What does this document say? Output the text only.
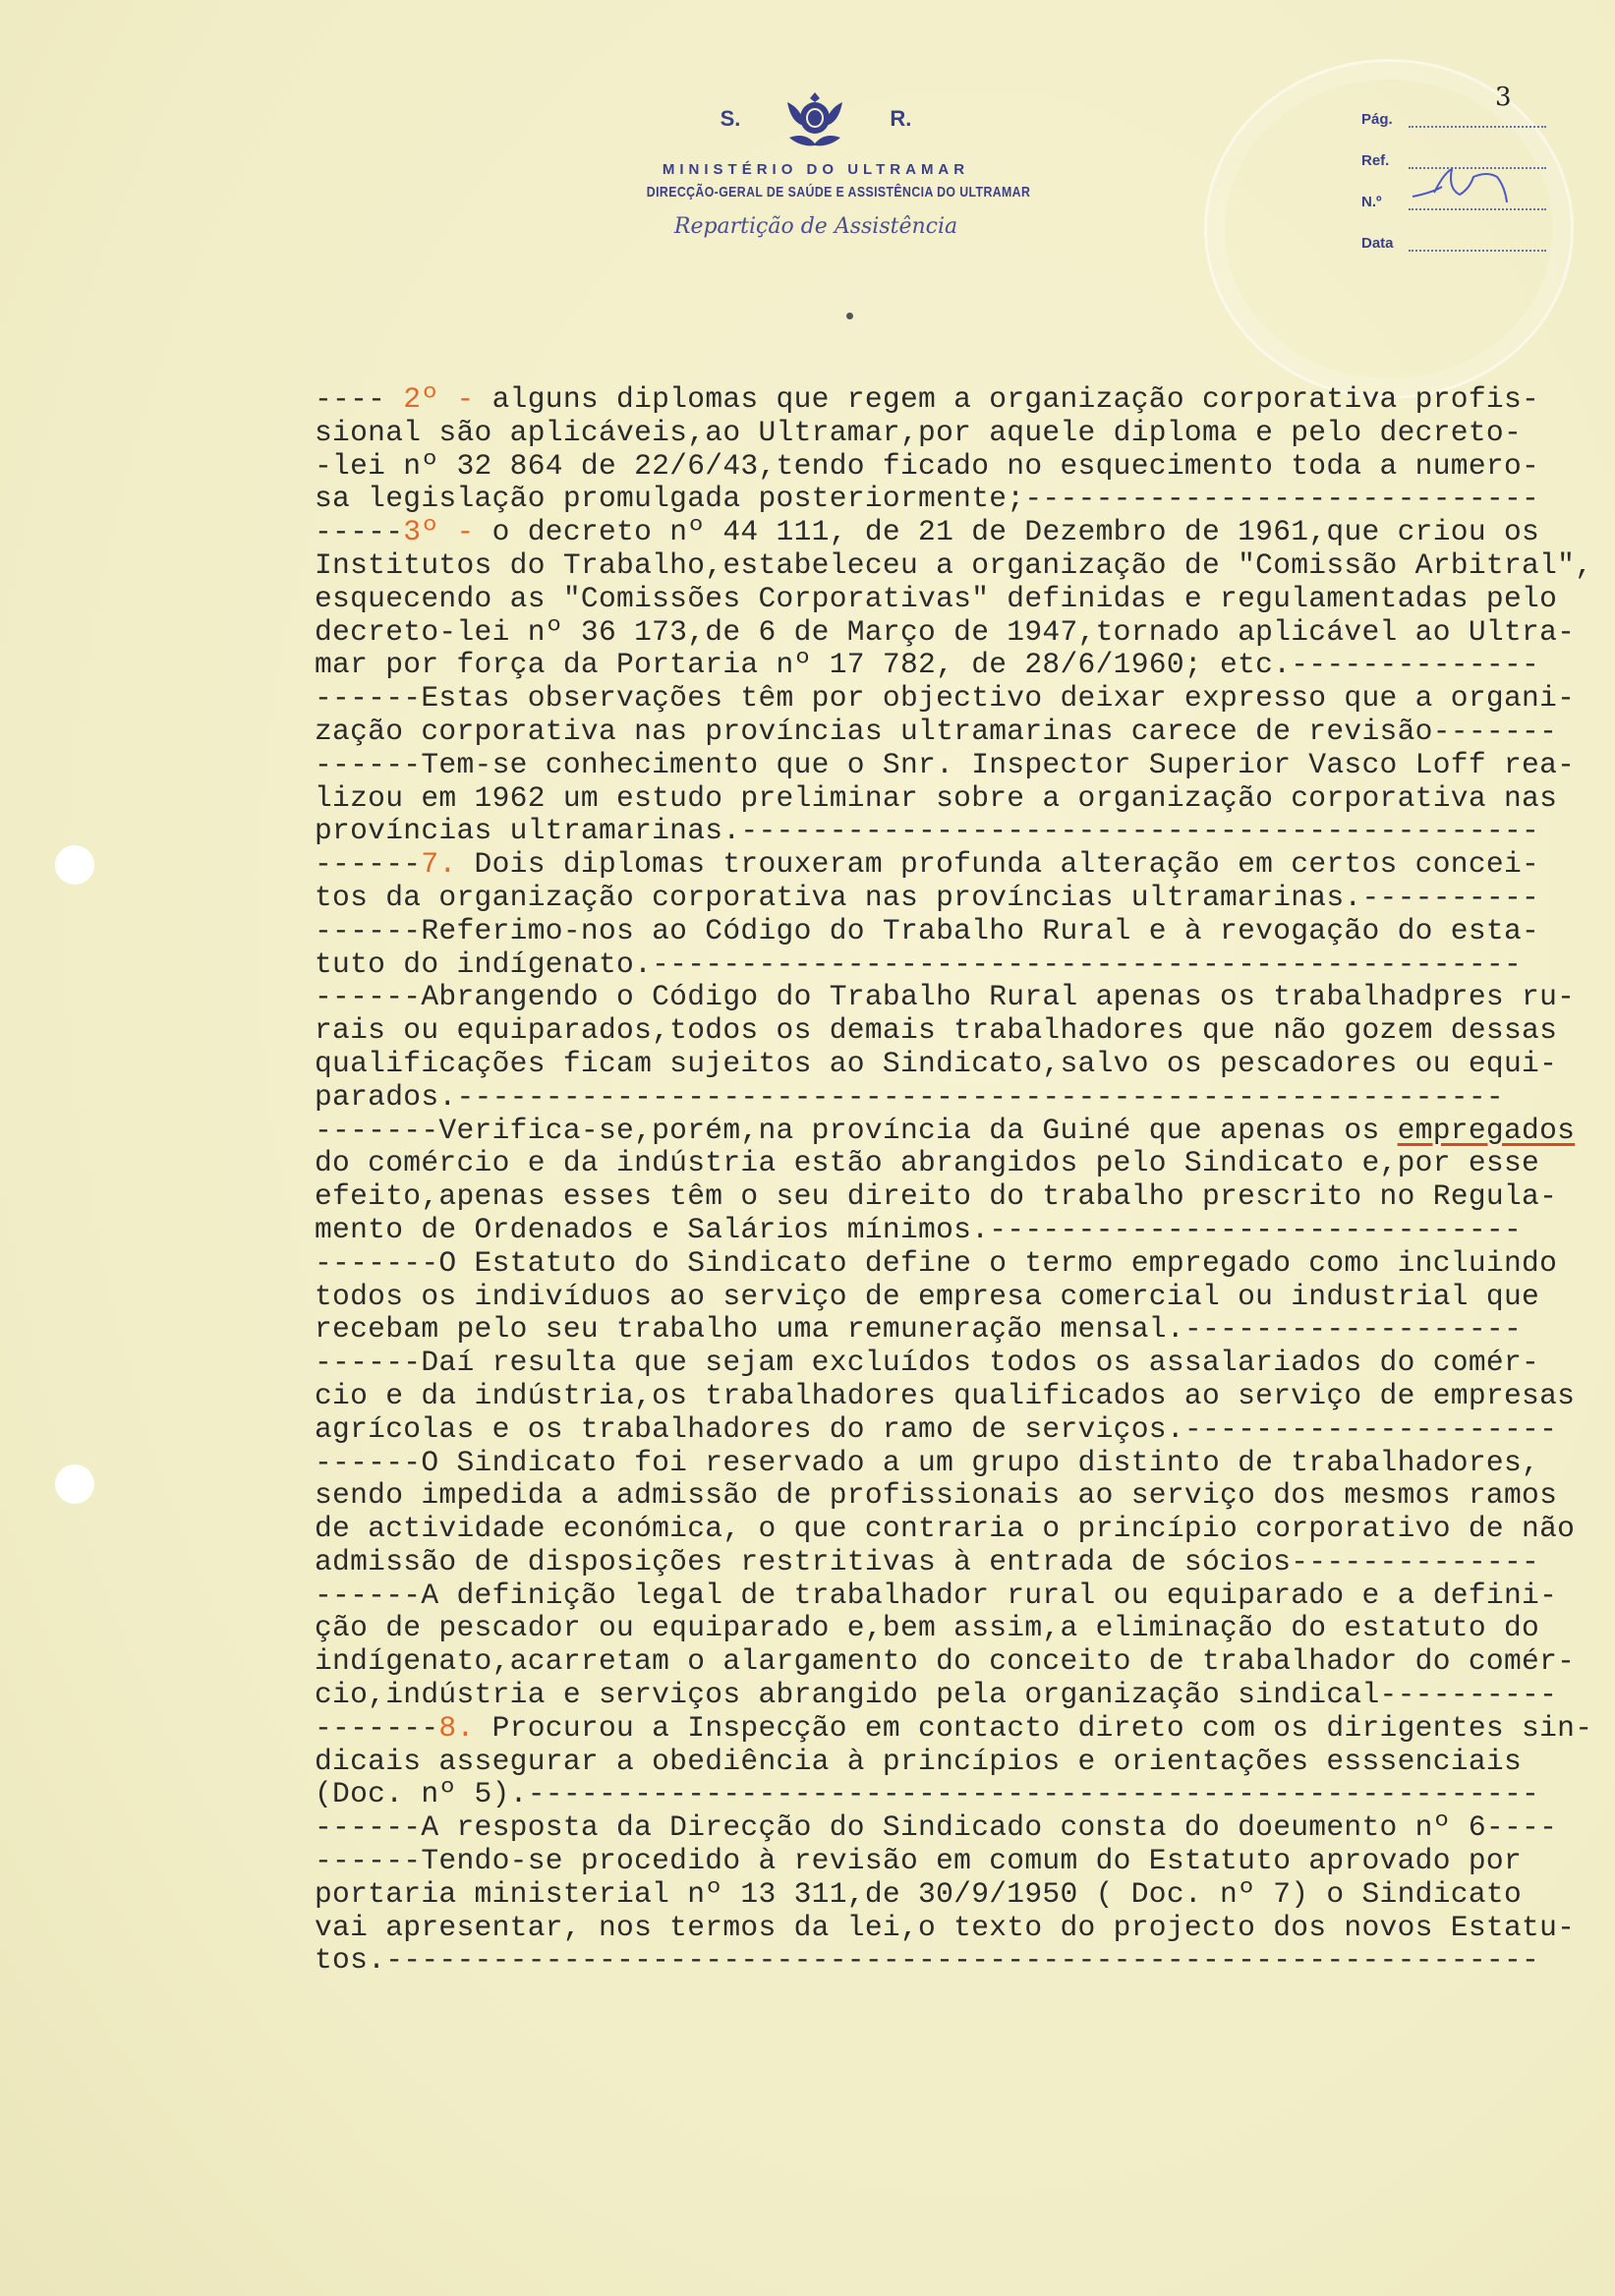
S.	R.
MINISTÉRIO DO ULTRAMAR
DIRECÇÃO-GERAL DE SAÚDE E ASSISTÊNCIA DO ULTRAMAR
Repartição de Assistência
Pág.
3
Ref.
N.º
Data
---- 2º - alguns diplomas que regem a organização corporativa profis-
sional são aplicáveis,ao Ultramar,por aquele diploma e pelo decreto-
-lei nº 32 864 de 22/6/43,tendo ficado no esquecimento toda a numero-
sa legislação promulgada posteriormente;-----------------------------
-----3º - o decreto nº 44 111, de 21 de Dezembro de 1961,que criou os
Institutos do Trabalho,estabeleceu a organização de "Comissão Arbitral",
esquecendo as "Comissões Corporativas" definidas e regulamentadas pelo
decreto-lei nº 36 173,de 6 de Março de 1947,tornado aplicável ao Ultra-
mar por força da Portaria nº 17 782, de 28/6/1960; etc.--------------
------Estas observações têm por objectivo deixar expresso que a organi-
zação corporativa nas províncias ultramarinas carece de revisão-------
------Tem-se conhecimento que o Snr. Inspector Superior Vasco Loff rea-
lizou em 1962 um estudo preliminar sobre a organização corporativa nas
províncias ultramarinas.---------------------------------------------
------7. Dois diplomas trouxeram profunda alteração em certos concei-
tos da organização corporativa nas províncias ultramarinas.----------
------Referimo-nos ao Código do Trabalho Rural e à revogação do esta-
tuto do indígenato.-------------------------------------------------
------Abrangendo o Código do Trabalho Rural apenas os trabalhadpres ru-
rais ou equiparados,todos os demais trabalhadores que não gozem dessas
qualificações ficam sujeitos ao Sindicato,salvo os pescadores ou equi-
parados.-----------------------------------------------------------
-------Verifica-se,porém,na província da Guiné que apenas os empregados
do comércio e da indústria estão abrangidos pelo Sindicato e,por esse
efeito,apenas esses têm o seu direito do trabalho prescrito no Regula-
mento de Ordenados e Salários mínimos.------------------------------
-------O Estatuto do Sindicato define o termo empregado como incluindo
todos os indivíduos ao serviço de empresa comercial ou industrial que
recebam pelo seu trabalho uma remuneração mensal.-------------------
------Daí resulta que sejam excluídos todos os assalariados do comér-
cio e da indústria,os trabalhadores qualificados ao serviço de empresas
agrícolas e os trabalhadores do ramo de serviços.---------------------
------O Sindicato foi reservado a um grupo distinto de trabalhadores,
sendo impedida a admissão de profissionais ao serviço dos mesmos ramos
de actividade económica, o que contraria o princípio corporativo de não
admissão de disposições restritivas à entrada de sócios--------------
------A definição legal de trabalhador rural ou equiparado e a defini-
ção de pescador ou equiparado e,bem assim,a eliminação do estatuto do
indígenato,acarretam o alargamento do conceito de trabalhador do comér-
cio,indústria e serviços abrangido pela organização sindical----------
-------8. Procurou a Inspecção em contacto direto com os dirigentes sin-
dicais assegurar a obediência à princípios e orientações esssenciais
(Doc. nº 5).---------------------------------------------------------
------A resposta da Direcção do Sindicado consta do doeumento nº 6----
------Tendo-se procedido à revisão em comum do Estatuto aprovado por
portaria ministerial nº 13 311,de 30/9/1950 ( Doc. nº 7) o Sindicato
vai apresentar, nos termos da lei,o texto do projecto dos novos Estatu-
tos.-----------------------------------------------------------------
